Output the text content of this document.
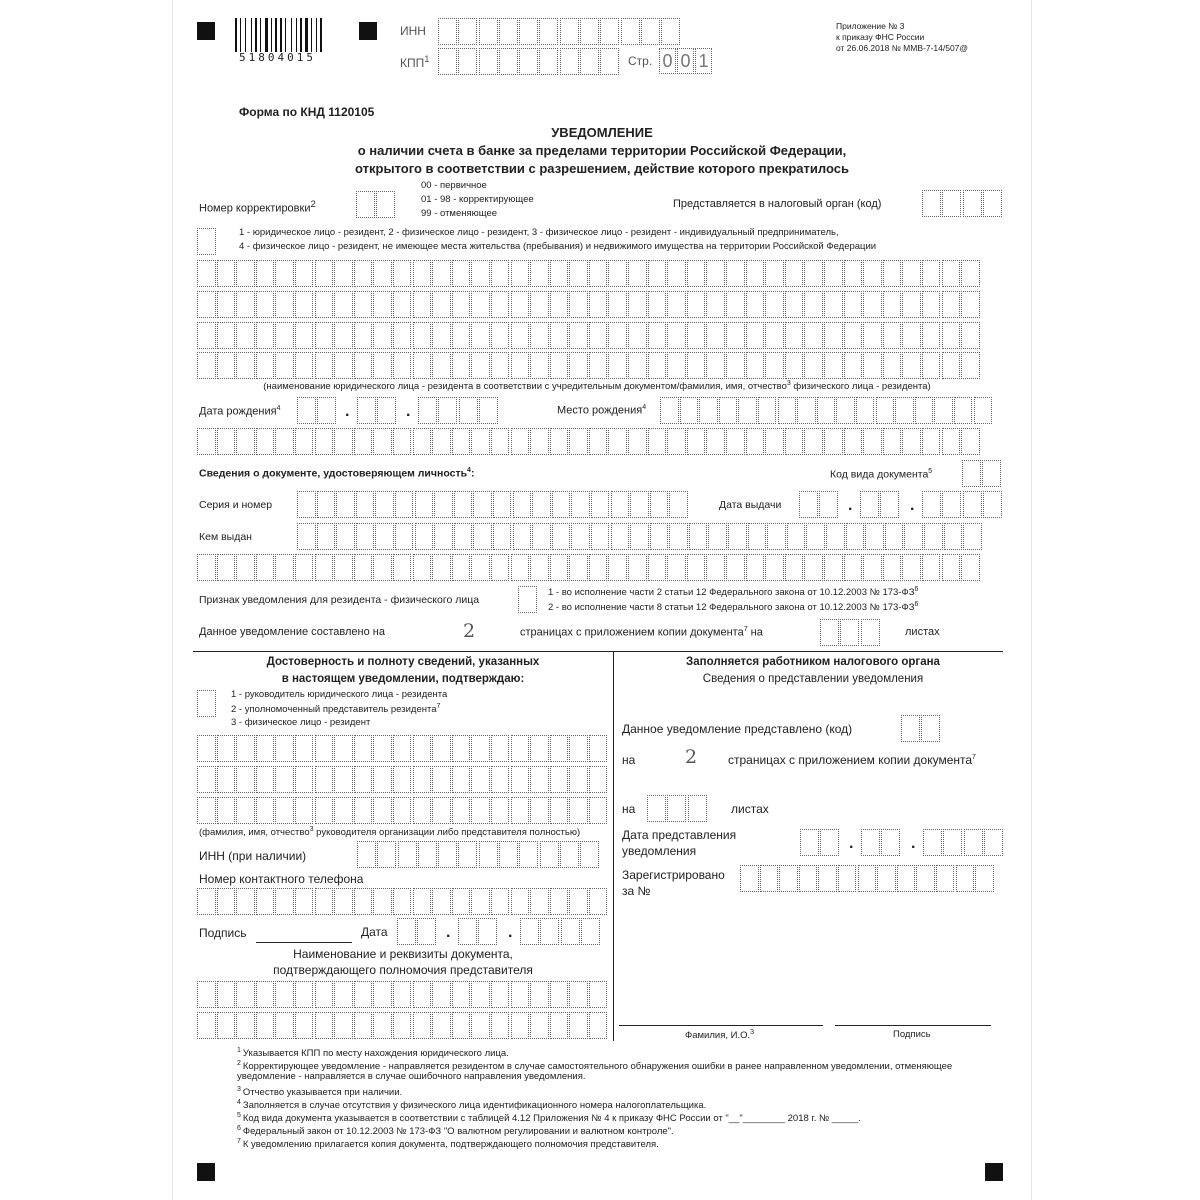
51804015
ИНН
КПП$^1$	Стр. 0 0 1
Приложение № 3
к приказу ФНС России
от 26.06.2018 № ММВ-7-14/507@
Форма по КНД 1120105
УВЕДОМЛЕНИЕ
о наличии счета в банке за пределами территории Российской Федерации,
открытого в соответствии с разрешением, действие которого прекратилось
Номер корректировки$^2$
00 - первичное
01 - 98 - корректирующее
99 - отменяющее
Представляется в налоговый орган (код)
1 - юридическое лицо - резидент, 2 - физическое лицо - резидент, 3 - физическое лицо - резидент - индивидуальный предприниматель,
4 - физическое лицо - резидент, не имеющее места жительства (пребывания) и недвижимого имущества на территории Российской Федерации
(наименование юридического лица - резидента в соответствии с учредительным документом/фамилия, имя, отчество$^3$ физического лица - резидента)
Дата рождения$^4$	.	.	Место рождения$^4$
Сведения о документе, удостоверяющем личность$^4$:	Код вида документа$^5$
Серия и номер	Дата выдачи	.	.
Кем выдан
Признак уведомления для резидента - физического лица
1 - во исполнение части 2 статьи 12 Федерального закона от 10.12.2003 № $173-ФЗ^6$
2 - во исполнение части 8 статьи 12 Федерального закона от 10.12.2003 № $173-ФЗ^6$
Данное уведомление составлено на	2	страницах с приложением копии документа$^7$ на	листах
Достоверность и полноту сведений, указанных
в настоящем уведомлении, подтверждаю:
1 - руководитель юридического лица - резидента
2 - уполномоченный представитель резидента$^7$
3 - физическое лицо - резидент
(фамилия, имя, отчество$^3$ руководителя организации либо представителя полностью)
ИНН (при наличии)
Номер контактного телефона
Подпись	Дата	.	.
Наименование и реквизиты документа,
подтверждающего полномочия представителя
Заполняется работником налогового органа
Сведения о представлении уведомления
Данное уведомление представлено (код)
на	2	страницах с приложением копии документа$^7$
на	листах
Дата представления
уведомления	.	.
Зарегистрировано
за №
Фамилия, И.О.$^3$	Подпись
$^1$ Указывается КПП по месту нахождения юридического лица.
$^2$ Корректирующее уведомление - направляется резидентом в случае самостоятельного обнаружения ошибки в ранее направленном уведомлении, отменяющее
уведомление - направляется в случае ошибочного направления уведомления.
$^3$ Отчество указывается при наличии.
$^4$ Заполняется в случае отсутствия у физического лица идентификационного номера налогоплательщика.
$^5$ Код вида документа указывается в соответствии с таблицей 4.12 Приложения № 4 к приказу ФНС России от "__"________ 2018 г. № _____.
$^6$ Федеральный закон от 10.12.2003 № 173-ФЗ "О валютном регулировании и валютном контроле".
$^7$ К уведомлению прилагается копия документа, подтверждающего полномочия представителя.
